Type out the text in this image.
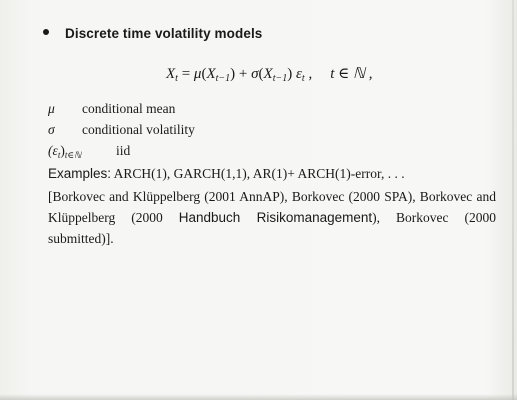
Discrete time volatility models
$X_t = \mu(X_{t-1}) + \sigma(X_{t-1})$ $\varepsilon_t$ , t ∈ ℕ ,
μ conditional mean
σ conditional volatility
$(\varepsilon_t)_{t\in ℕ}$	iid
Examples: ARCH(1), GARCH(1,1), AR(1)+ ARCH(1)-error, . . .
[Borkovec and Klüppelberg (2001 AnnAP), Borkovec (2000 SPA), Borkovec and Klüppelberg (2000 Handbuch Risikomanagement), Borkovec (2000 submitted)].
